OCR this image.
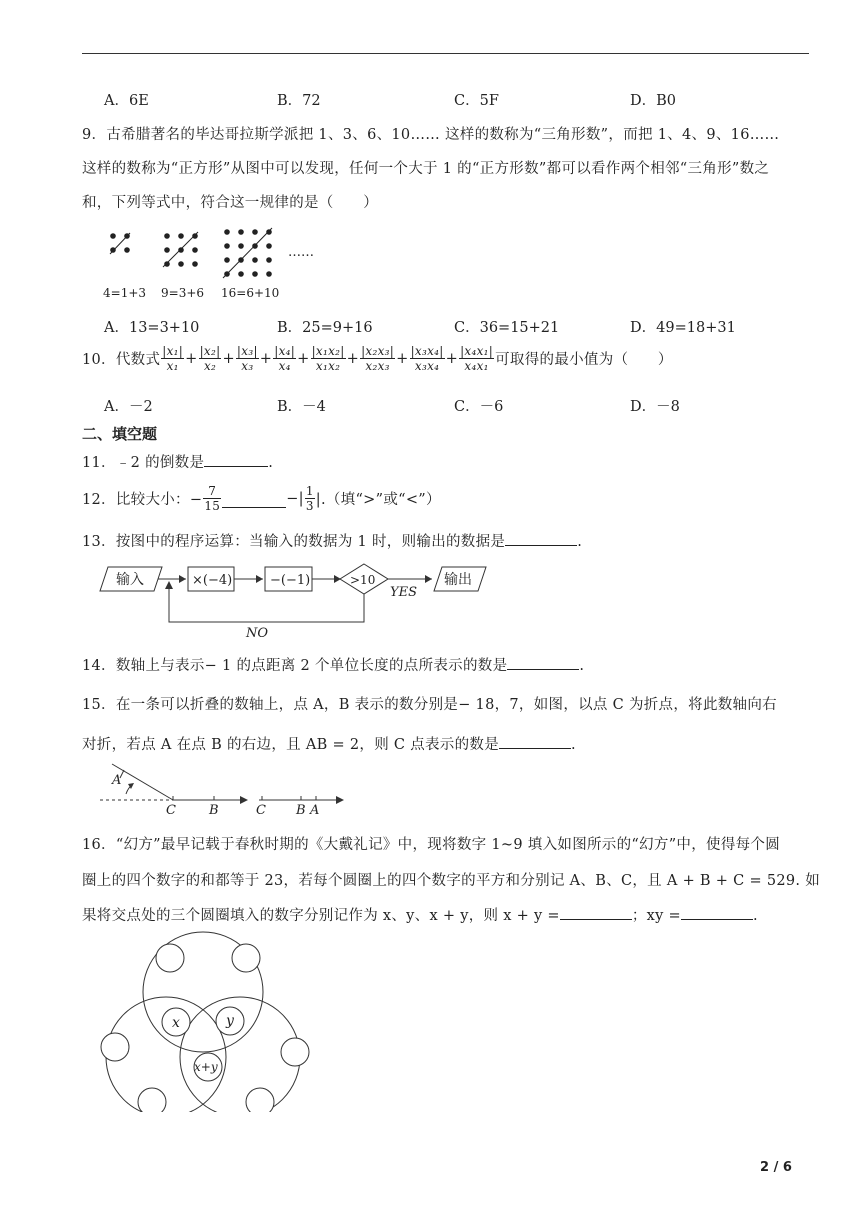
A．6E	B．72	C．5F	D．B0
9．古希腊著名的毕达哥拉斯学派把 1、3、6、10…… 这样的数称为“三角形数”，而把 1、4、9、16……
这样的数称为“正方形”从图中可以发现，任何一个大于 1 的“正方形数”都可以看作两个相邻“三角形”数之
和，下列等式中，符合这一规律的是（　　）
……
4=1+3 9=3+6 16=6+10
A．13=3+10	B．25=9+16	C．36=15+21	D．49=18+31
10．代数式 $\frac{\text{|x₁|}}{\text{x₁}} + \frac{\text{|x₂|}}{\text{x₂}} + \frac{\text{|x₃|}}{\text{x₃}} + \frac{\text{|x₄|}}{\text{x₄}} + \frac{\text{|x₁x₂|}}{\text{x₁x₂}} + \frac{\text{|x₂x₃|}}{\text{x₂x₃}} + \frac{\text{|x₃x₄|}}{\text{x₃x₄}} + \frac{\text{|x₄x₁|}}{\text{x₄x₁}}$ 可取得的最小值为（　　）
A．－2	B．－4	C．－6	D．－8
二、填空题
11．﹣2 的倒数是	.
12．比较大小：− $\frac{7}{15}$	−| $\frac{1}{3}$ |.（填“>”或“<”）
13．按图中的程序运算：当输入的数据为 1 时，则输出的数据是	.
输入	×(−4)	−(−1)	>10
YES
输出
NO
14．数轴上与表示− 1 的点距离 2 个单位长度的点所表示的数是	.
15．在一条可以折叠的数轴上，点 A，B 表示的数分别是− 18，7，如图，以点 C 为折点，将此数轴向右
对折，若点 A 在点 B 的右边，且 AB = 2，则 C 点表示的数是	.
A
C	B	C B A
16．“幻方”最早记载于春秋时期的《大戴礼记》中，现将数字 1~9 填入如图所示的“幻方”中，使得每个圆
圈上的四个数字的和都等于 23，若每个圆圈上的四个数字的平方和分别记 A、B、C，且 A + B + C = 529. 如
果将交点处的三个圆圈填入的数字分别记作为 x、y、x + y，则 x + y =	；xy =	.
x	y
x+y
2 / 6
